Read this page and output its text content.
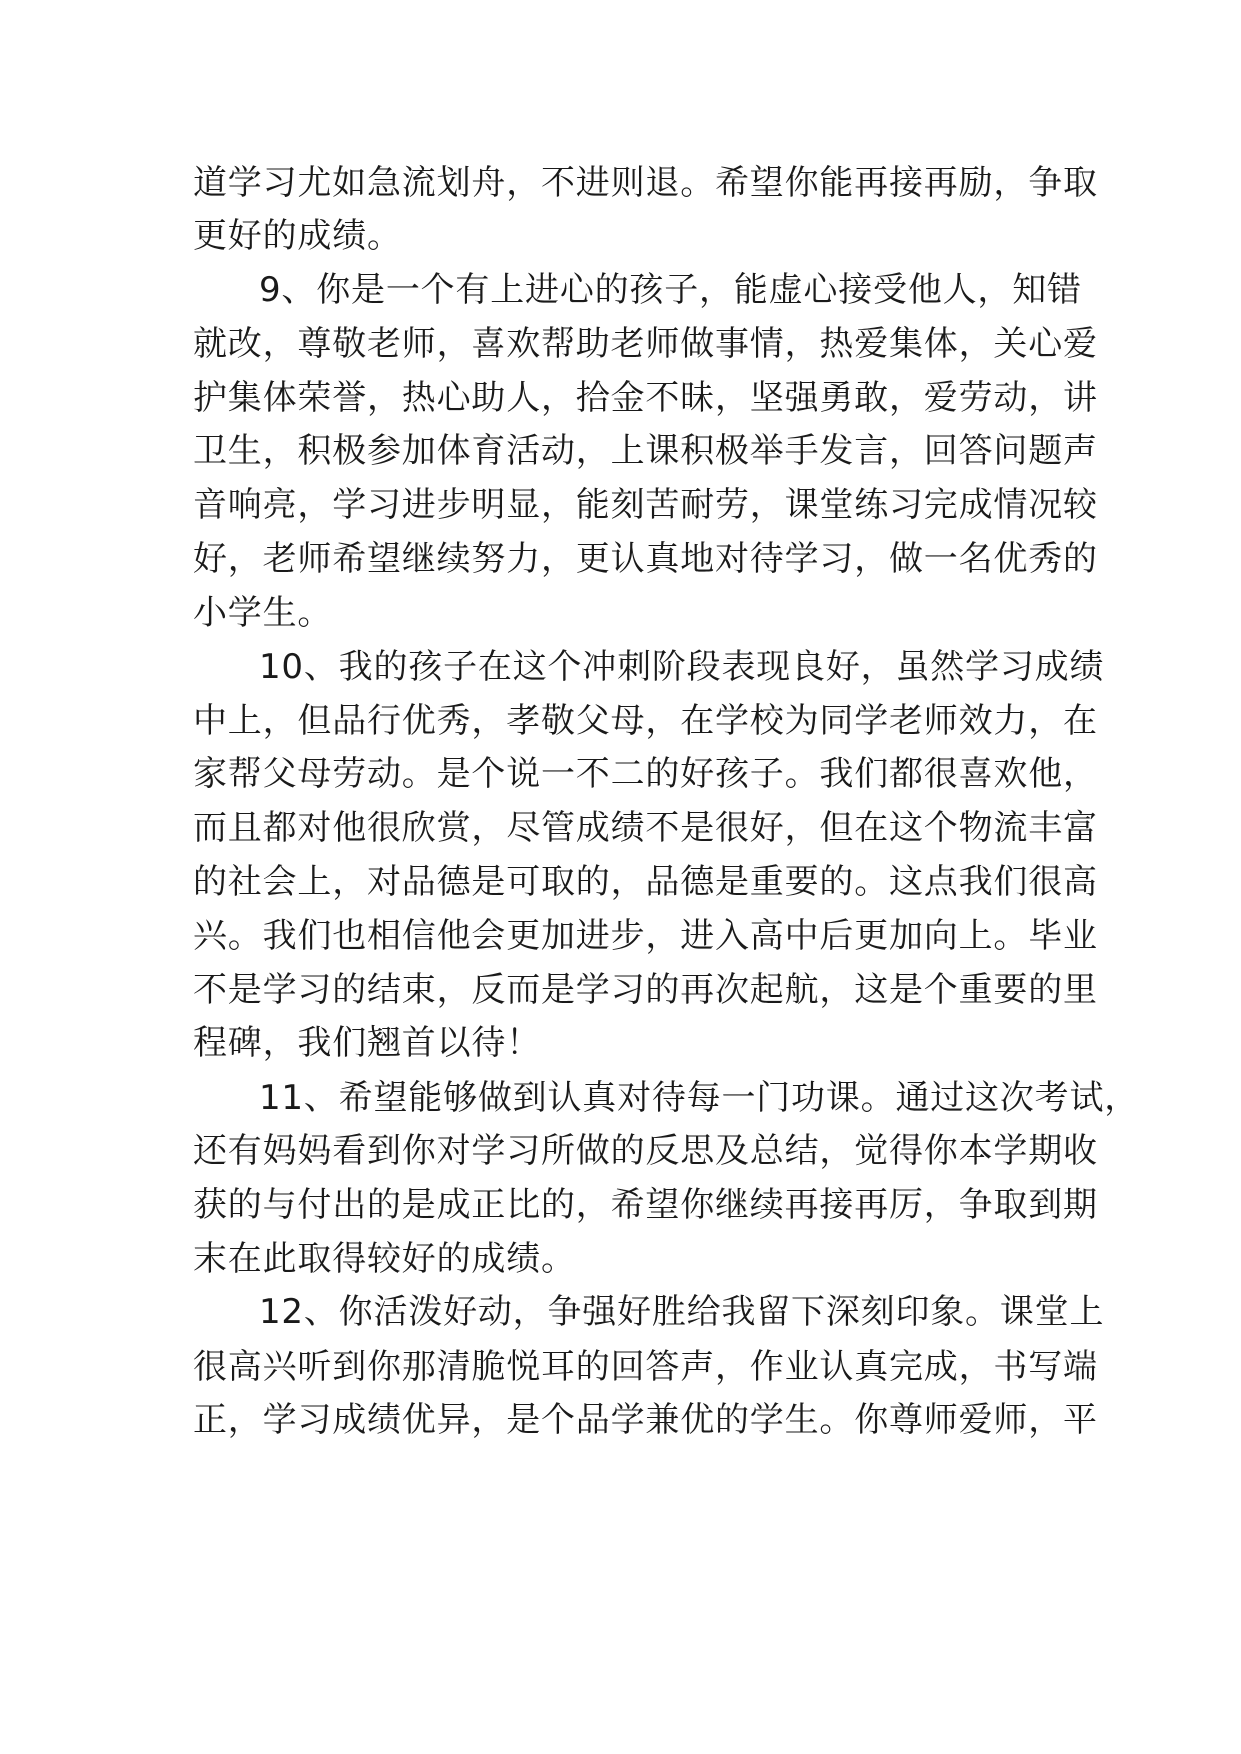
道学习尤如急流划舟，不进则退。希望你能再接再励，争取

更好的成绩。

9、你是一个有上进心的孩子，能虚心接受他人，知错

就改，尊敬老师，喜欢帮助老师做事情，热爱集体，关心爱

护集体荣誉，热心助人，拾金不昧，坚强勇敢，爱劳动，讲

卫生，积极参加体育活动，上课积极举手发言，回答问题声

音响亮，学习进步明显，能刻苦耐劳，课堂练习完成情况较

好，老师希望继续努力，更认真地对待学习，做一名优秀的

小学生。

10、我的孩子在这个冲刺阶段表现良好，虽然学习成绩

中上，但品行优秀，孝敬父母，在学校为同学老师效力，在

家帮父母劳动。是个说一不二的好孩子。我们都很喜欢他，

而且都对他很欣赏，尽管成绩不是很好，但在这个物流丰富

的社会上，对品德是可取的，品德是重要的。这点我们很高

兴。我们也相信他会更加进步，进入高中后更加向上。毕业

不是学习的结束，反而是学习的再次起航，这是个重要的里

程碑，我们翘首以待！

11、希望能够做到认真对待每一门功课。通过这次考试，

还有妈妈看到你对学习所做的反思及总结，觉得你本学期收

获的与付出的是成正比的，希望你继续再接再厉，争取到期

末在此取得较好的成绩。

12、你活泼好动，争强好胜给我留下深刻印象。课堂上

很高兴听到你那清脆悦耳的回答声，作业认真完成，书写端

正，学习成绩优异，是个品学兼优的学生。你尊师爱师，平
